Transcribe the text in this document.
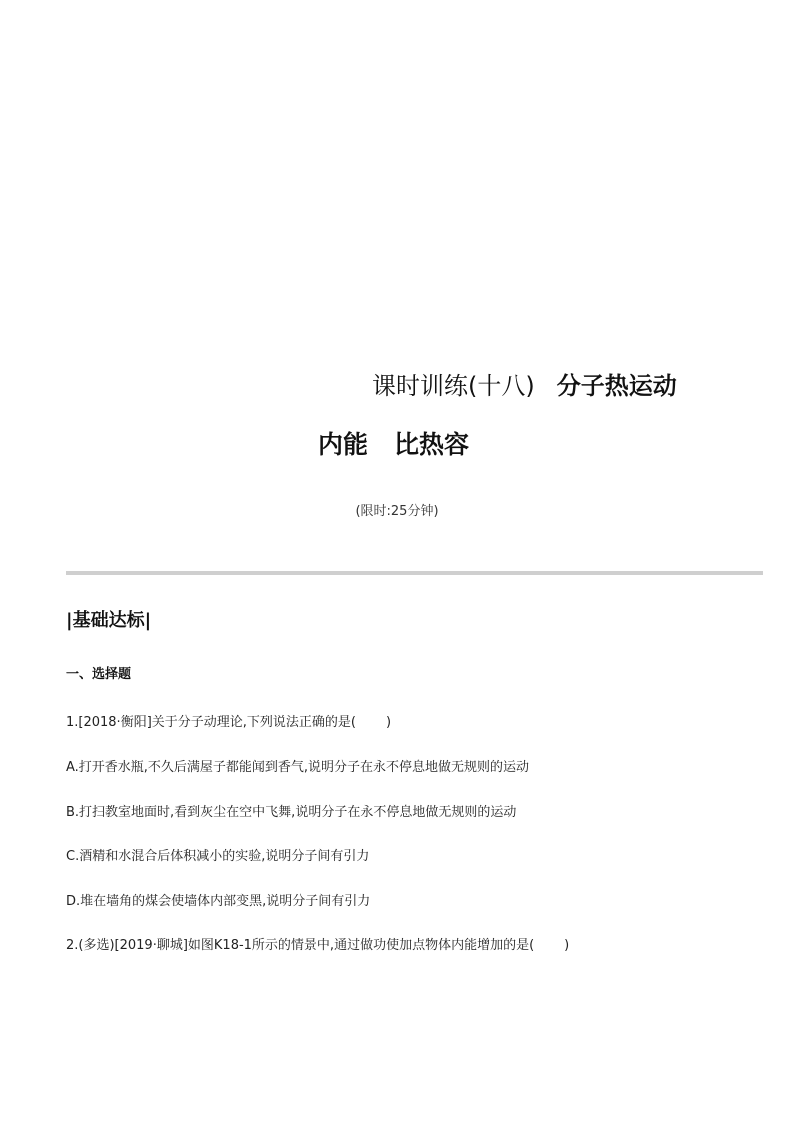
课时训练(十八) 分子热运动
内能 比热容
(限时:25分钟)
|基础达标|
一、选择题
1.[2018·衡阳]关于分子动理论,下列说法正确的是( )
A.打开香水瓶,不久后满屋子都能闻到香气,说明分子在永不停息地做无规则的运动
B.打扫教室地面时,看到灰尘在空中飞舞,说明分子在永不停息地做无规则的运动
C.酒精和水混合后体积减小的实验,说明分子间有引力
D.堆在墙角的煤会使墙体内部变黑,说明分子间有引力
2.(多选)[2019·聊城]如图K18-1所示的情景中,通过做功使加点物体内能增加的是( )
